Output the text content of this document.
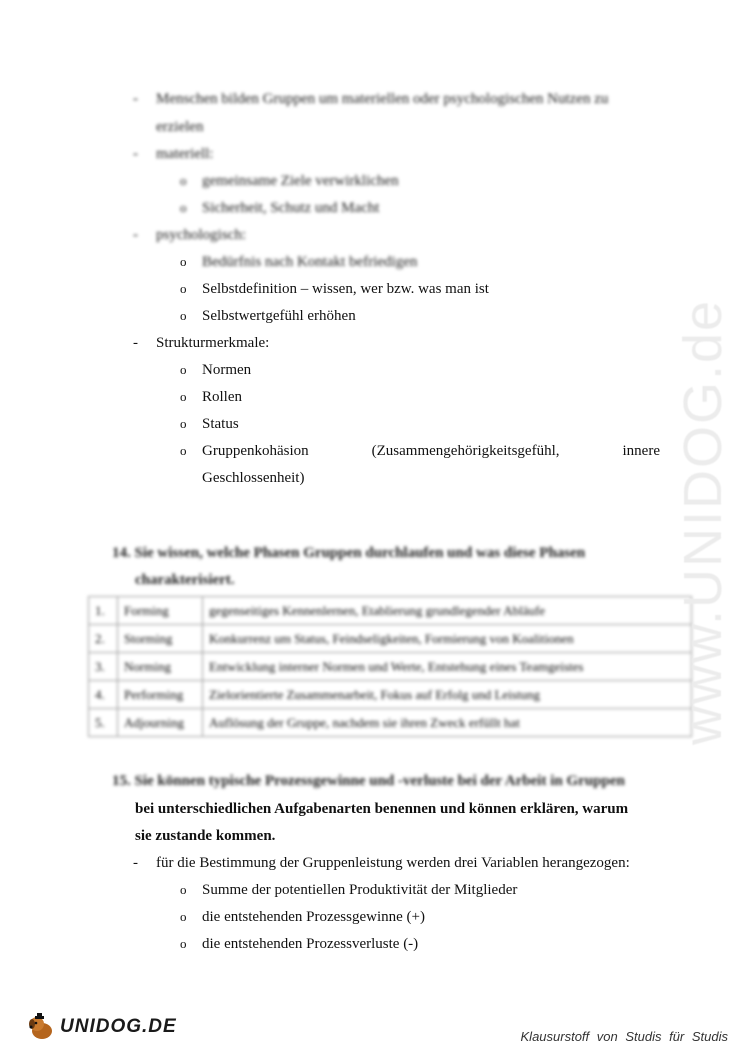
- Menschen bilden Gruppen um materiellen oder psychologischen Nutzen zu
erzielen
- materiell:
o gemeinsame Ziele verwirklichen
o Sicherheit, Schutz und Macht
- psychologisch:
o Bedürfnis nach Kontakt befriedigen
o Selbstdefinition – wissen, wer bzw. was man ist
o Selbstwertgefühl erhöhen
- Strukturmerkmale:
o Normen
o Rollen
o Status
o Gruppenkohäsion	(Zusammengehörigkeitsgefühl,	innere
Geschlossenheit)
14. Sie wissen, welche Phasen Gruppen durchlaufen und was diese Phasen
charakterisiert.
1.	Forming	gegenseitiges Kennenlernen, Etablierung grundlegender Abläufe
2.	Storming	Konkurrenz um Status, Feindseligkeiten, Formierung von Koalitionen
3.	Norming	Entwicklung interner Normen und Werte, Entstehung eines Teamgeistes
4.	Performing	Zielorientierte Zusammenarbeit, Fokus auf Erfolg und Leistung
5.	Adjourning	Auflösung der Gruppe, nachdem sie ihren Zweck erfüllt hat
15. Sie können typische Prozessgewinne und -verluste bei der Arbeit in Gruppen
bei unterschiedlichen Aufgabenarten benennen und können erklären, warum
sie zustande kommen.
- für die Bestimmung der Gruppenleistung werden drei Variablen herangezogen:
o Summe der potentiellen Produktivität der Mitglieder
o die entstehenden Prozessgewinne (+)
o die entstehenden Prozessverluste (-)
www.UNIDOG.de
UNIDOG.DE	Klausurstoff von Studis für Studis
